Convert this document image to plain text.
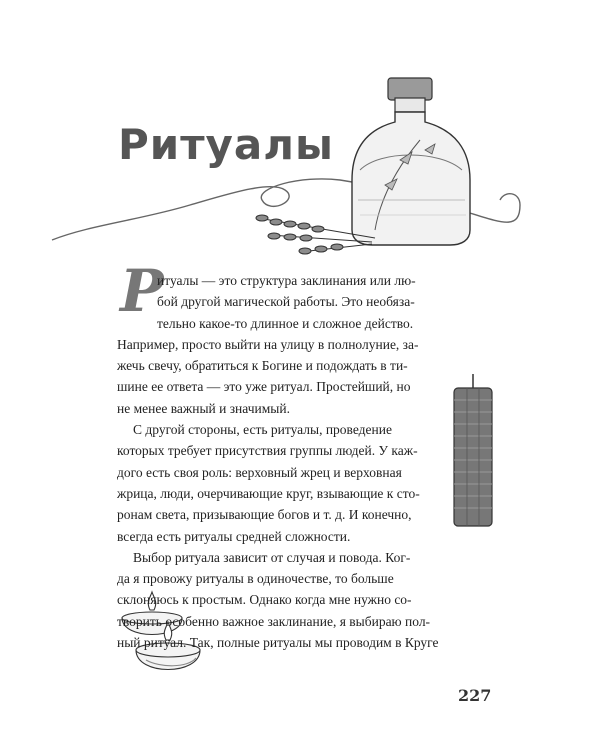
Ритуалы
Р
итуалы — это структура заклинания или лю-
бой другой магической работы. Это необяза-
тельно какое-то длинное и сложное действо.
Например, просто выйти на улицу в полнолуние, за-
жечь свечу, обратиться к Богине и подождать в ти-
шине ее ответа — это уже ритуал. Простейший, но
не менее важный и значимый.
С другой стороны, есть ритуалы, проведение
которых требует присутствия группы людей. У каж-
дого есть своя роль: верховный жрец и верховная
жрица, люди, очерчивающие круг, взывающие к сто-
ронам света, призывающие богов и т. д. И конечно,
всегда есть ритуалы средней сложности.
Выбор ритуала зависит от случая и повода. Ког-
да я провожу ритуалы в одиночестве, то больше
склоняюсь к простым. Однако когда мне нужно со-
творить особенно важное заклинание, я выбираю пол-
ный ритуал. Так, полные ритуалы мы проводим в Круге
227
